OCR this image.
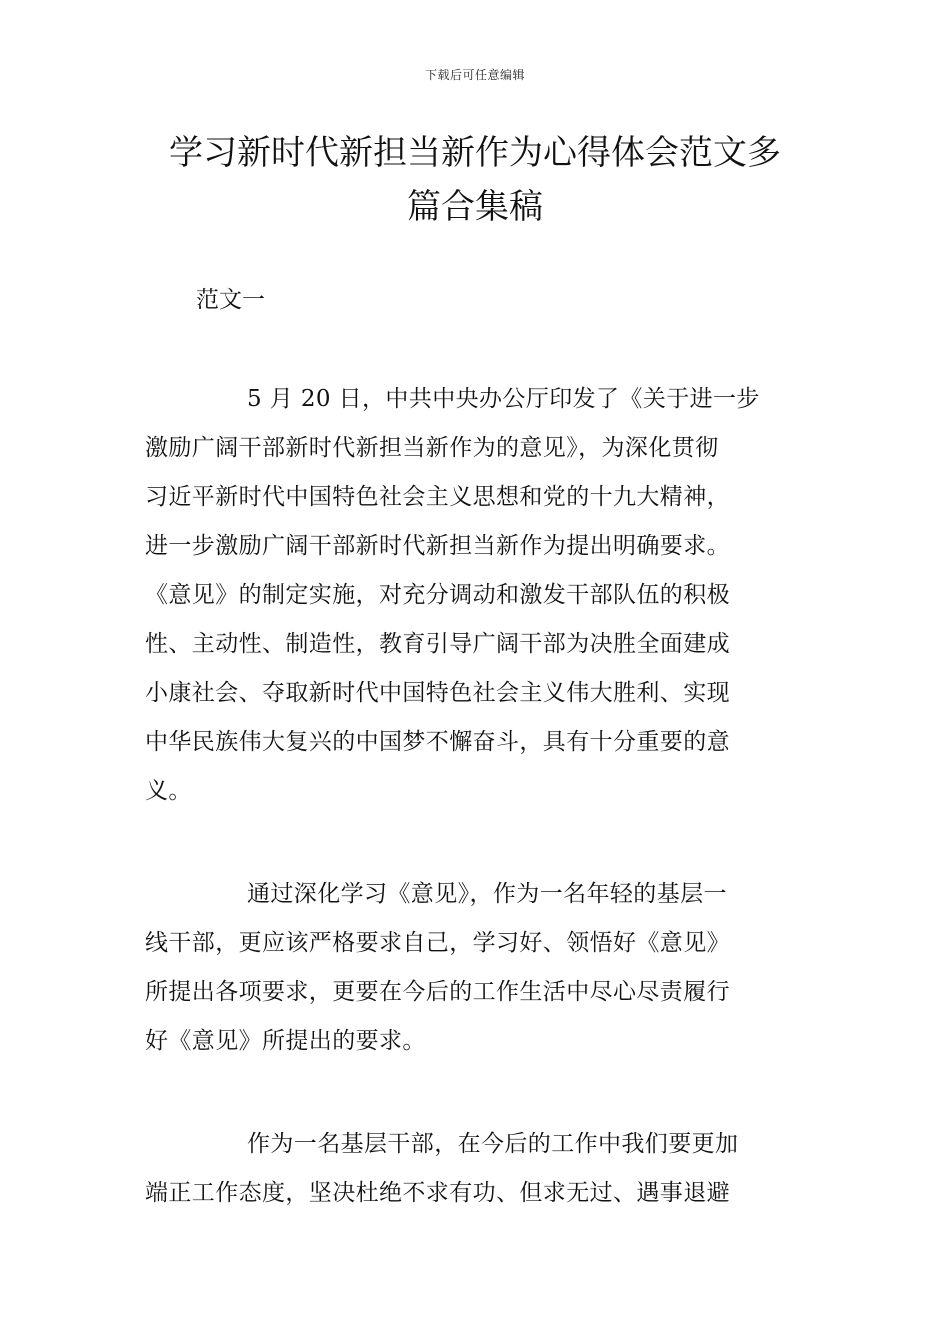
下载后可任意编辑
学习新时代新担当新作为心得体会范文多
篇合集稿
范文一
5 月 20 日，中共中央办公厅印发了《关于进一步
激励广阔干部新时代新担当新作为的意见》，为深化贯彻
习近平新时代中国特色社会主义思想和党的十九大精神，
进一步激励广阔干部新时代新担当新作为提出明确要求。
《意见》的制定实施，对充分调动和激发干部队伍的积极
性、主动性、制造性，教育引导广阔干部为决胜全面建成
小康社会、夺取新时代中国特色社会主义伟大胜利、实现
中华民族伟大复兴的中国梦不懈奋斗，具有十分重要的意
义。
通过深化学习《意见》，作为一名年轻的基层一
线干部，更应该严格要求自己，学习好、领悟好《意见》
所提出各项要求，更要在今后的工作生活中尽心尽责履行
好《意见》所提出的要求。
作为一名基层干部，在今后的工作中我们要更加
端正工作态度，坚决杜绝不求有功、但求无过、遇事退避
